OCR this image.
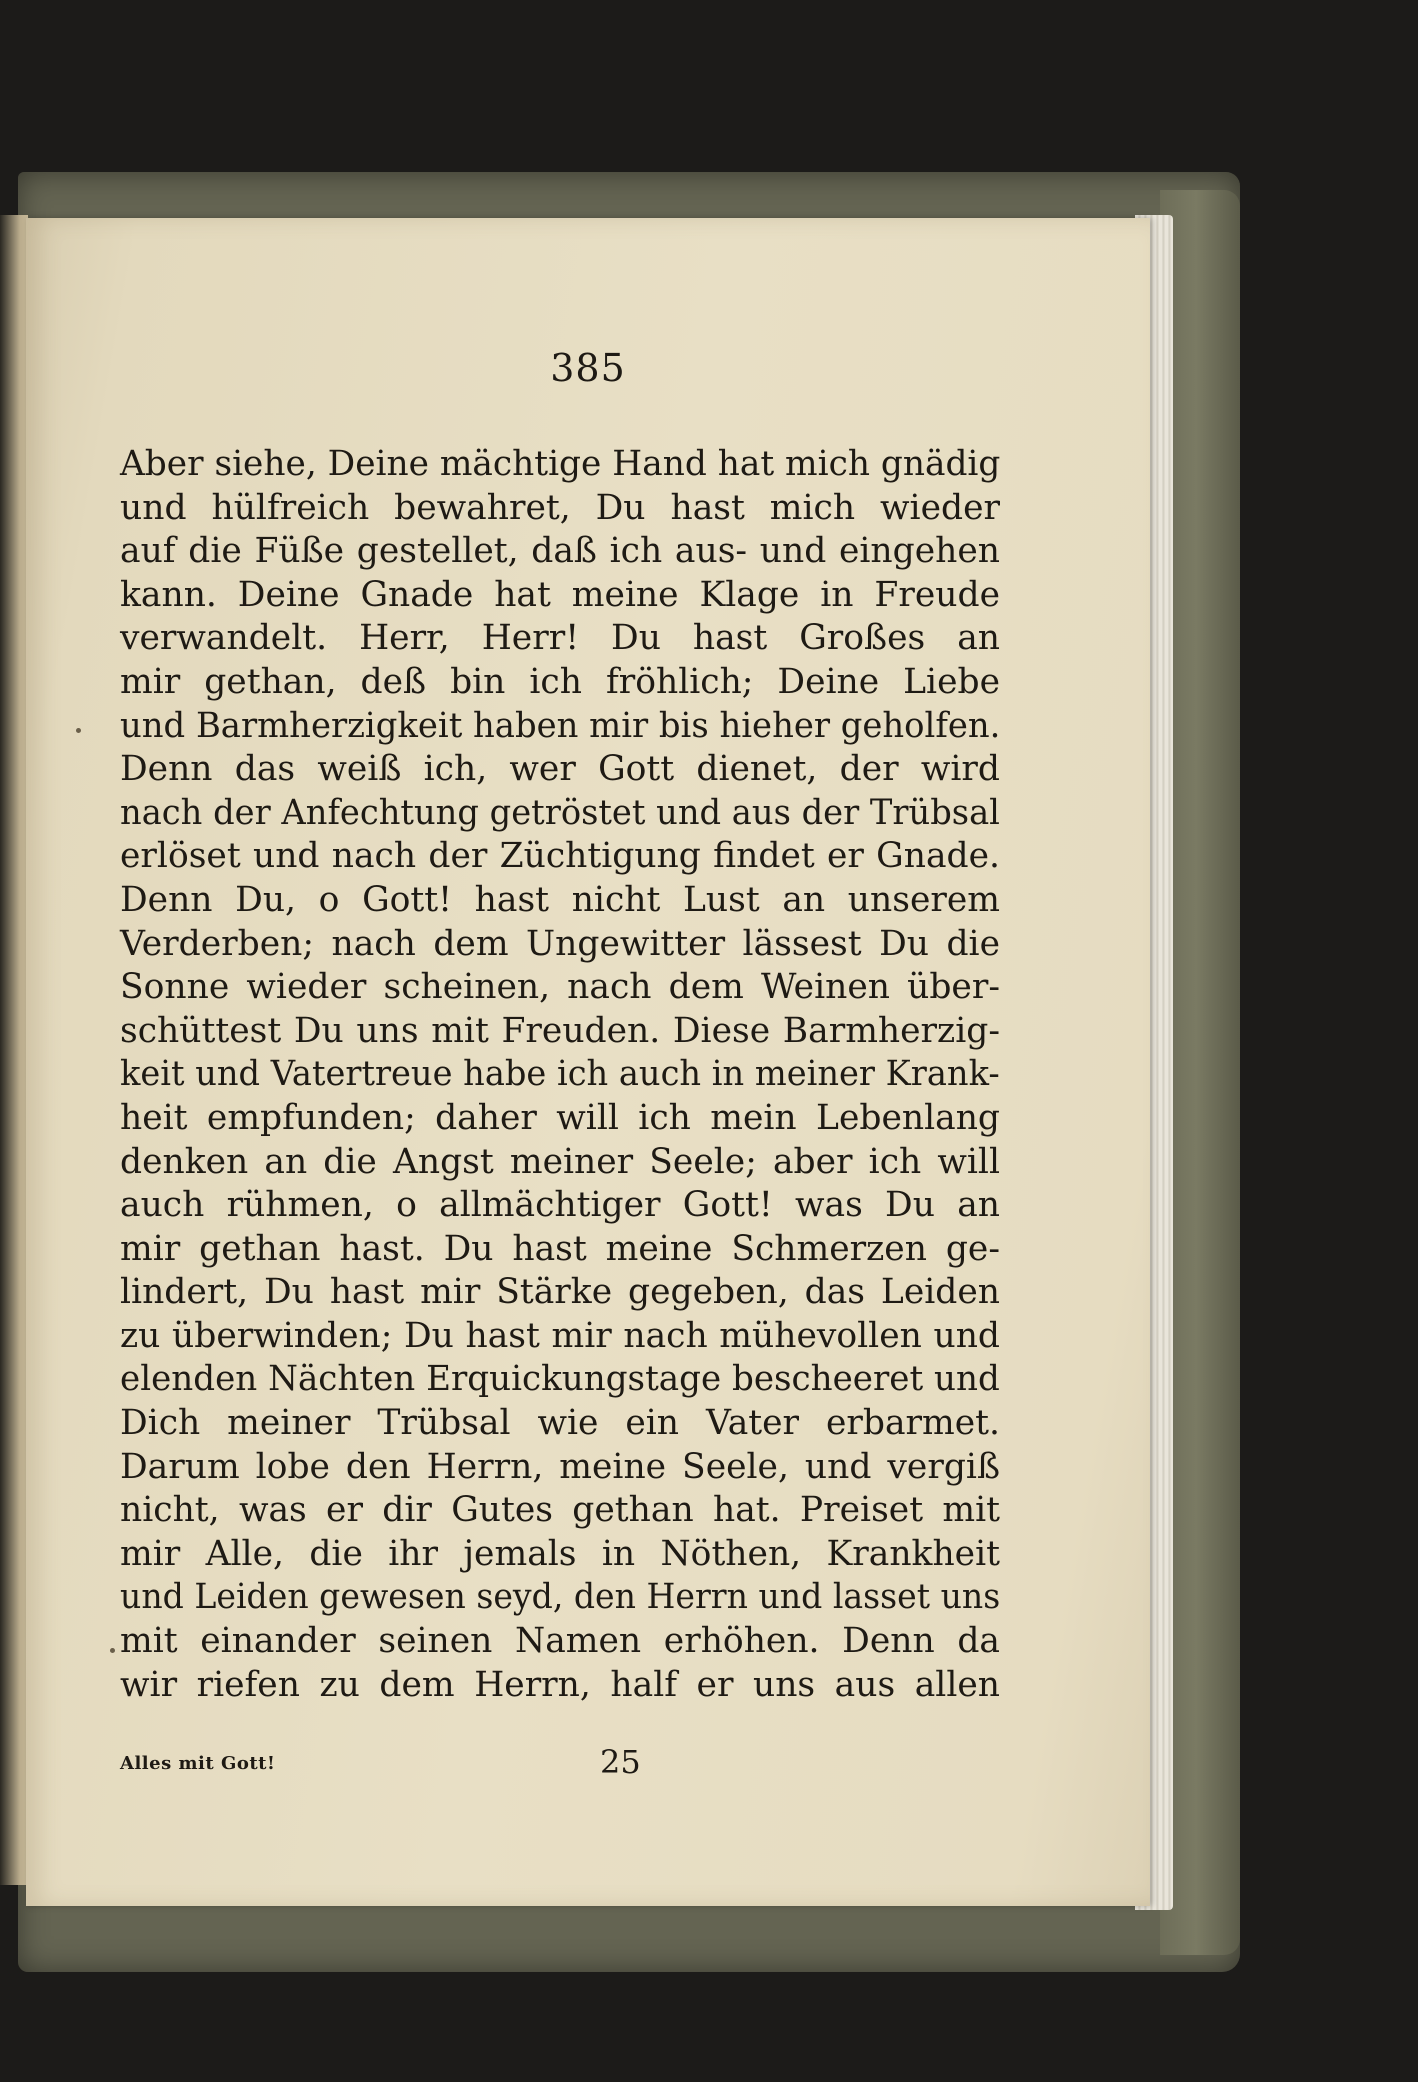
385
Aber siehe, Deine mächtige Hand hat mich gnädig
und hülfreich bewahret, Du hast mich wieder
auf die Füße gestellet, daß ich aus- und eingehen
kann. Deine Gnade hat meine Klage in Freude
verwandelt. Herr, Herr! Du hast Großes an
mir gethan, deß bin ich fröhlich; Deine Liebe
und Barmherzigkeit haben mir bis hieher geholfen.
Denn das weiß ich, wer Gott dienet, der wird
nach der Anfechtung getröstet und aus der Trübsal
erlöset und nach der Züchtigung findet er Gnade.
Denn Du, o Gott! hast nicht Lust an unserem
Verderben; nach dem Ungewitter lässest Du die
Sonne wieder scheinen, nach dem Weinen über-
schüttest Du uns mit Freuden. Diese Barmherzig-
keit und Vatertreue habe ich auch in meiner Krank-
heit empfunden; daher will ich mein Lebenlang
denken an die Angst meiner Seele; aber ich will
auch rühmen, o allmächtiger Gott! was Du an
mir gethan hast. Du hast meine Schmerzen ge-
lindert, Du hast mir Stärke gegeben, das Leiden
zu überwinden; Du hast mir nach mühevollen und
elenden Nächten Erquickungstage bescheeret und
Dich meiner Trübsal wie ein Vater erbarmet.
Darum lobe den Herrn, meine Seele, und vergiß
nicht, was er dir Gutes gethan hat. Preiset mit
mir Alle, die ihr jemals in Nöthen, Krankheit
und Leiden gewesen seyd, den Herrn und lasset uns
mit einander seinen Namen erhöhen. Denn da
wir riefen zu dem Herrn, half er uns aus allen
Alles mit Gott!	25
